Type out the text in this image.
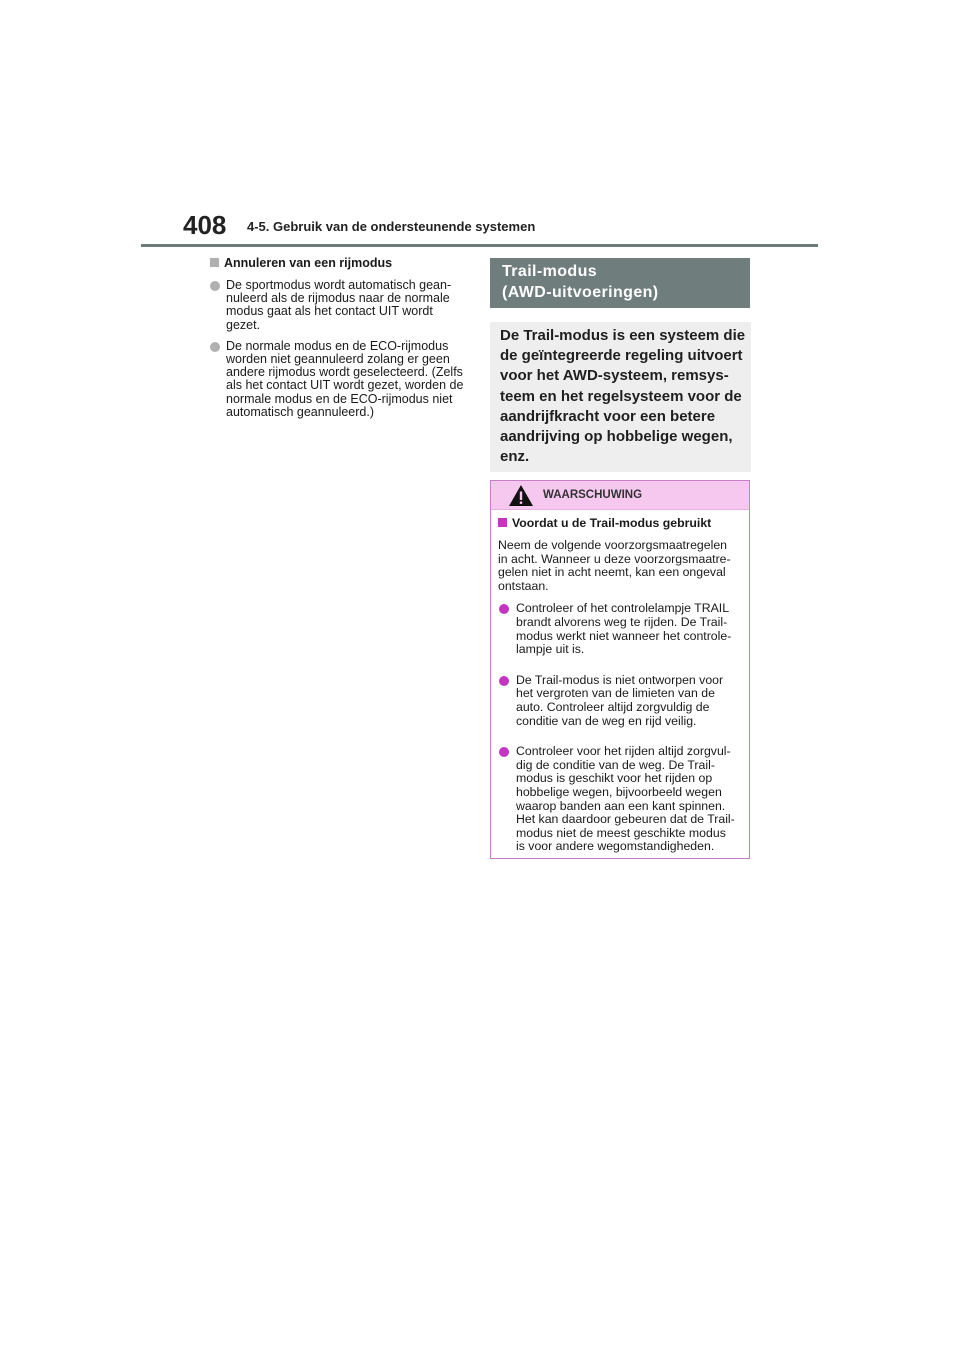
408 4-5. Gebruik van de ondersteunende systemen
Annuleren van een rijmodus
De sportmodus wordt automatisch gean-
nuleerd als de rijmodus naar de normale
modus gaat als het contact UIT wordt
gezet.
De normale modus en de ECO-rijmodus
worden niet geannuleerd zolang er geen
andere rijmodus wordt geselecteerd. (Zelfs
als het contact UIT wordt gezet, worden de
normale modus en de ECO-rijmodus niet
automatisch geannuleerd.)
Trail-modus
(AWD-uitvoeringen)
De Trail-modus is een systeem die
de geïntegreerde regeling uitvoert
voor het AWD-systeem, remsys-
teem en het regelsysteem voor de
aandrijfkracht voor een betere
aandrijving op hobbelige wegen,
enz.
WAARSCHUWING
Voordat u de Trail-modus gebruikt
Neem de volgende voorzorgsmaatregelen
in acht. Wanneer u deze voorzorgsmaatre-
gelen niet in acht neemt, kan een ongeval
ontstaan.
Controleer of het controlelampje TRAIL
brandt alvorens weg te rijden. De Trail-
modus werkt niet wanneer het controle-
lampje uit is.
De Trail-modus is niet ontworpen voor
het vergroten van de limieten van de
auto. Controleer altijd zorgvuldig de
conditie van de weg en rijd veilig.
Controleer voor het rijden altijd zorgvul-
dig de conditie van de weg. De Trail-
modus is geschikt voor het rijden op
hobbelige wegen, bijvoorbeeld wegen
waarop banden aan een kant spinnen.
Het kan daardoor gebeuren dat de Trail-
modus niet de meest geschikte modus
is voor andere wegomstandigheden.
